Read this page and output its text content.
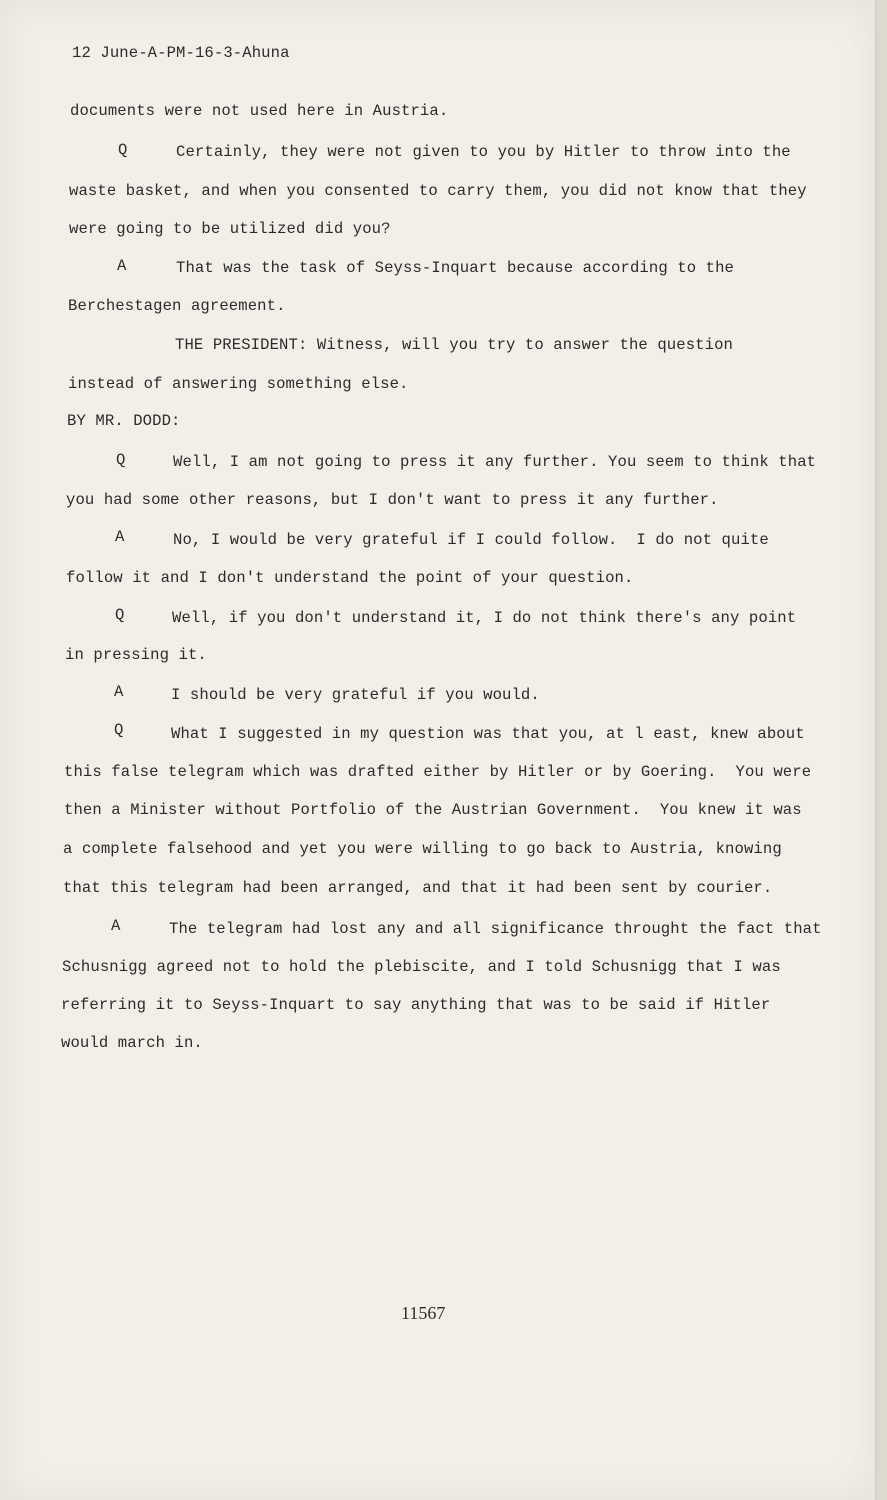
12 June-A-PM-16-3-Ahuna
documents were not used here in Austria.
Q	Certainly, they were not given to you by Hitler to throw into the
waste basket, and when you consented to carry them, you did not know that they
were going to be utilized did you?
A	That was the task of Seyss-Inquart because according to the
Berchestagen agreement.
THE PRESIDENT: Witness, will you try to answer the question
instead of answering something else.
BY MR. DODD:
Q	Well, I am not going to press it any further. You seem to think that
you had some other reasons, but I don't want to press it any further.
A	No, I would be very grateful if I could follow.  I do not quite
follow it and I don't understand the point of your question.
Q	Well, if you don't understand it, I do not think there's any point
in pressing it.
A	I should be very grateful if you would.
Q	What I suggested in my question was that you, at l east, knew about
this false telegram which was drafted either by Hitler or by Goering.  You were
then a Minister without Portfolio of the Austrian Government.  You knew it was
a complete falsehood and yet you were willing to go back to Austria, knowing
that this telegram had been arranged, and that it had been sent by courier.
A	The telegram had lost any and all significance throught the fact that
Schusnigg agreed not to hold the plebiscite, and I told Schusnigg that I was
referring it to Seyss-Inquart to say anything that was to be said if Hitler
would march in.
11567
